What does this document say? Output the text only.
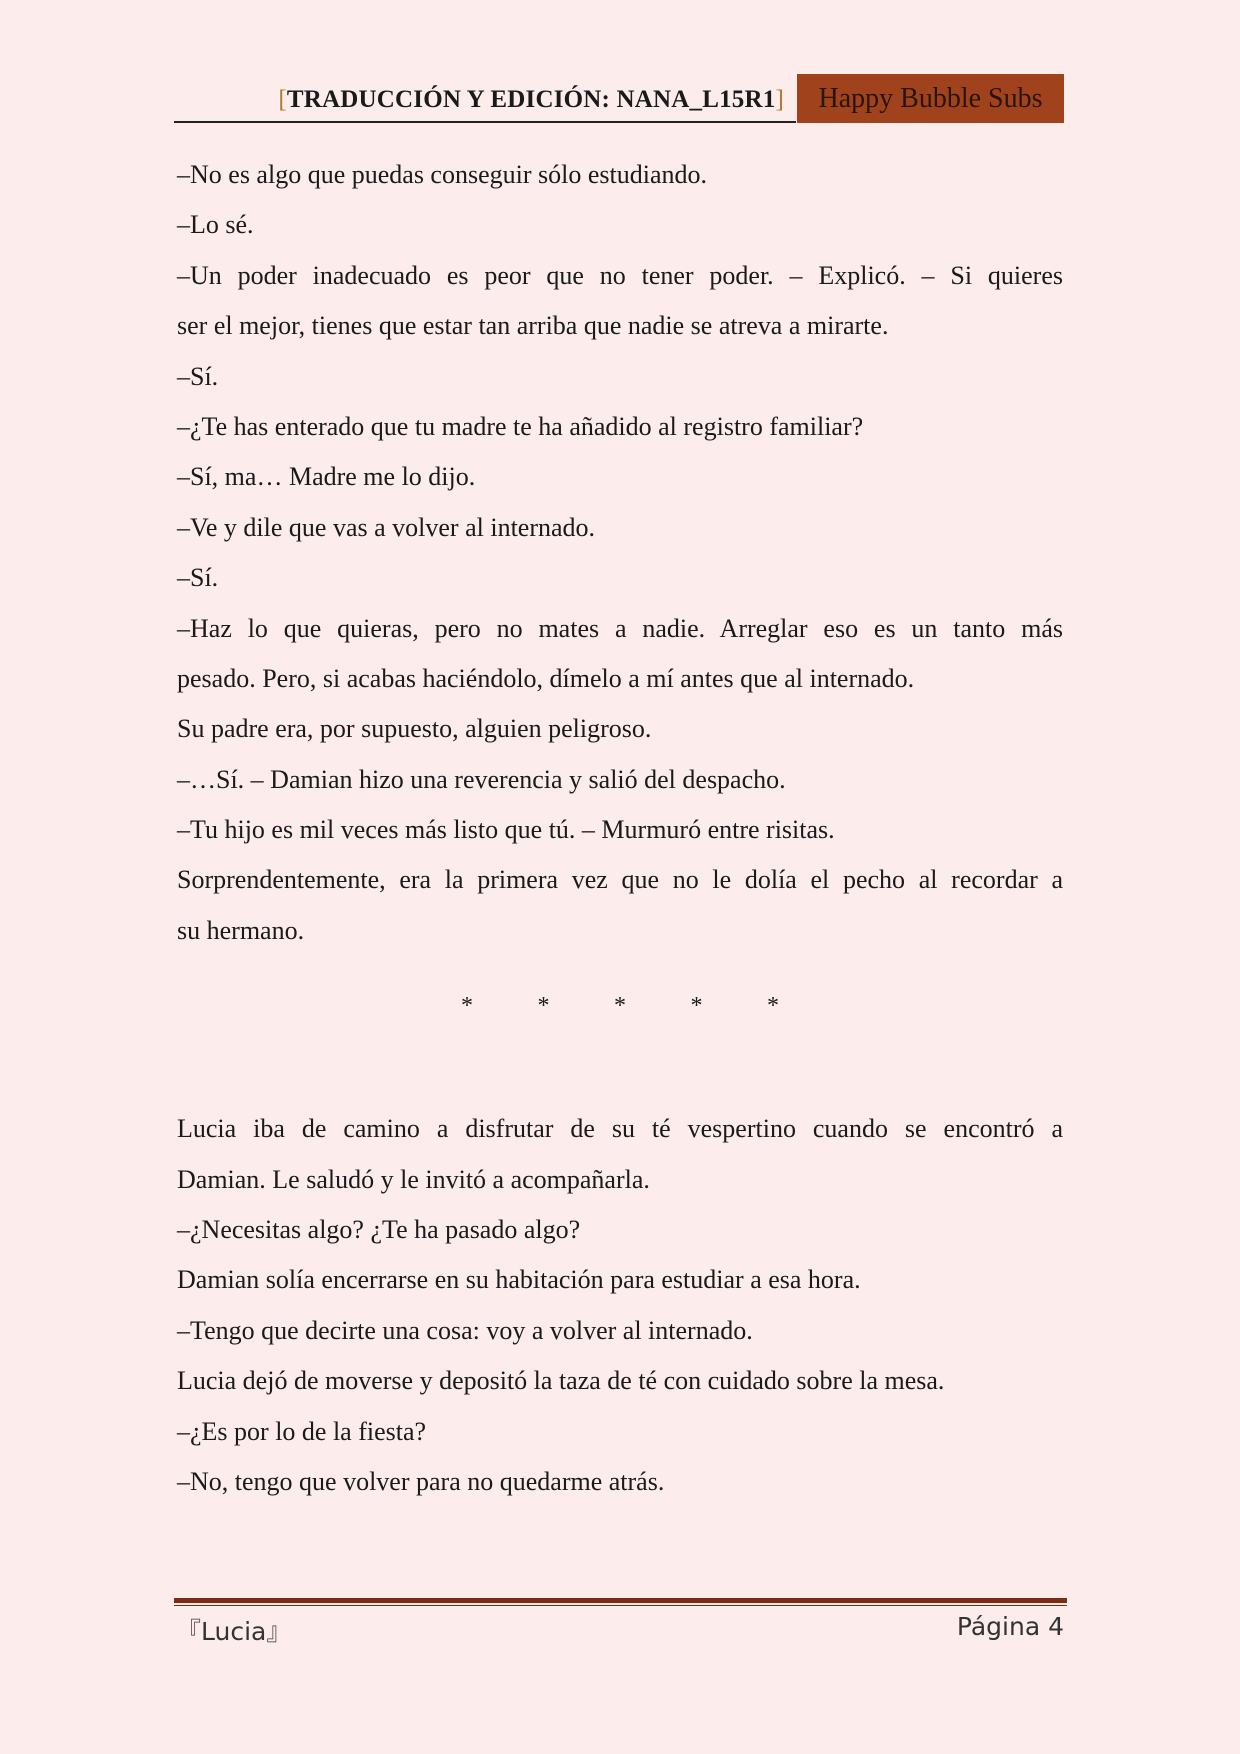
[TRADUCCIÓN Y EDICIÓN: NANA_L15R1]	Happy Bubble Subs
–No es algo que puedas conseguir sólo estudiando.
–Lo sé.
–Un poder inadecuado es peor que no tener poder. – Explicó. – Si quieres
ser el mejor, tienes que estar tan arriba que nadie se atreva a mirarte.
–Sí.
–¿Te has enterado que tu madre te ha añadido al registro familiar?
–Sí, ma… Madre me lo dijo.
–Ve y dile que vas a volver al internado.
–Sí.
–Haz lo que quieras, pero no mates a nadie. Arreglar eso es un tanto más
pesado. Pero, si acabas haciéndolo, dímelo a mí antes que al internado.
Su padre era, por supuesto, alguien peligroso.
–…Sí. – Damian hizo una reverencia y salió del despacho.
–Tu hijo es mil veces más listo que tú. – Murmuró entre risitas.
Sorprendentemente, era la primera vez que no le dolía el pecho al recordar a
su hermano.
*	*	*	*	*
Lucia iba de camino a disfrutar de su té vespertino cuando se encontró a
Damian. Le saludó y le invitó a acompañarla.
–¿Necesitas algo? ¿Te ha pasado algo?
Damian solía encerrarse en su habitación para estudiar a esa hora.
–Tengo que decirte una cosa: voy a volver al internado.
Lucia dejó de moverse y depositó la taza de té con cuidado sobre la mesa.
–¿Es por lo de la fiesta?
–No, tengo que volver para no quedarme atrás.
『Lucia』	Página 4
